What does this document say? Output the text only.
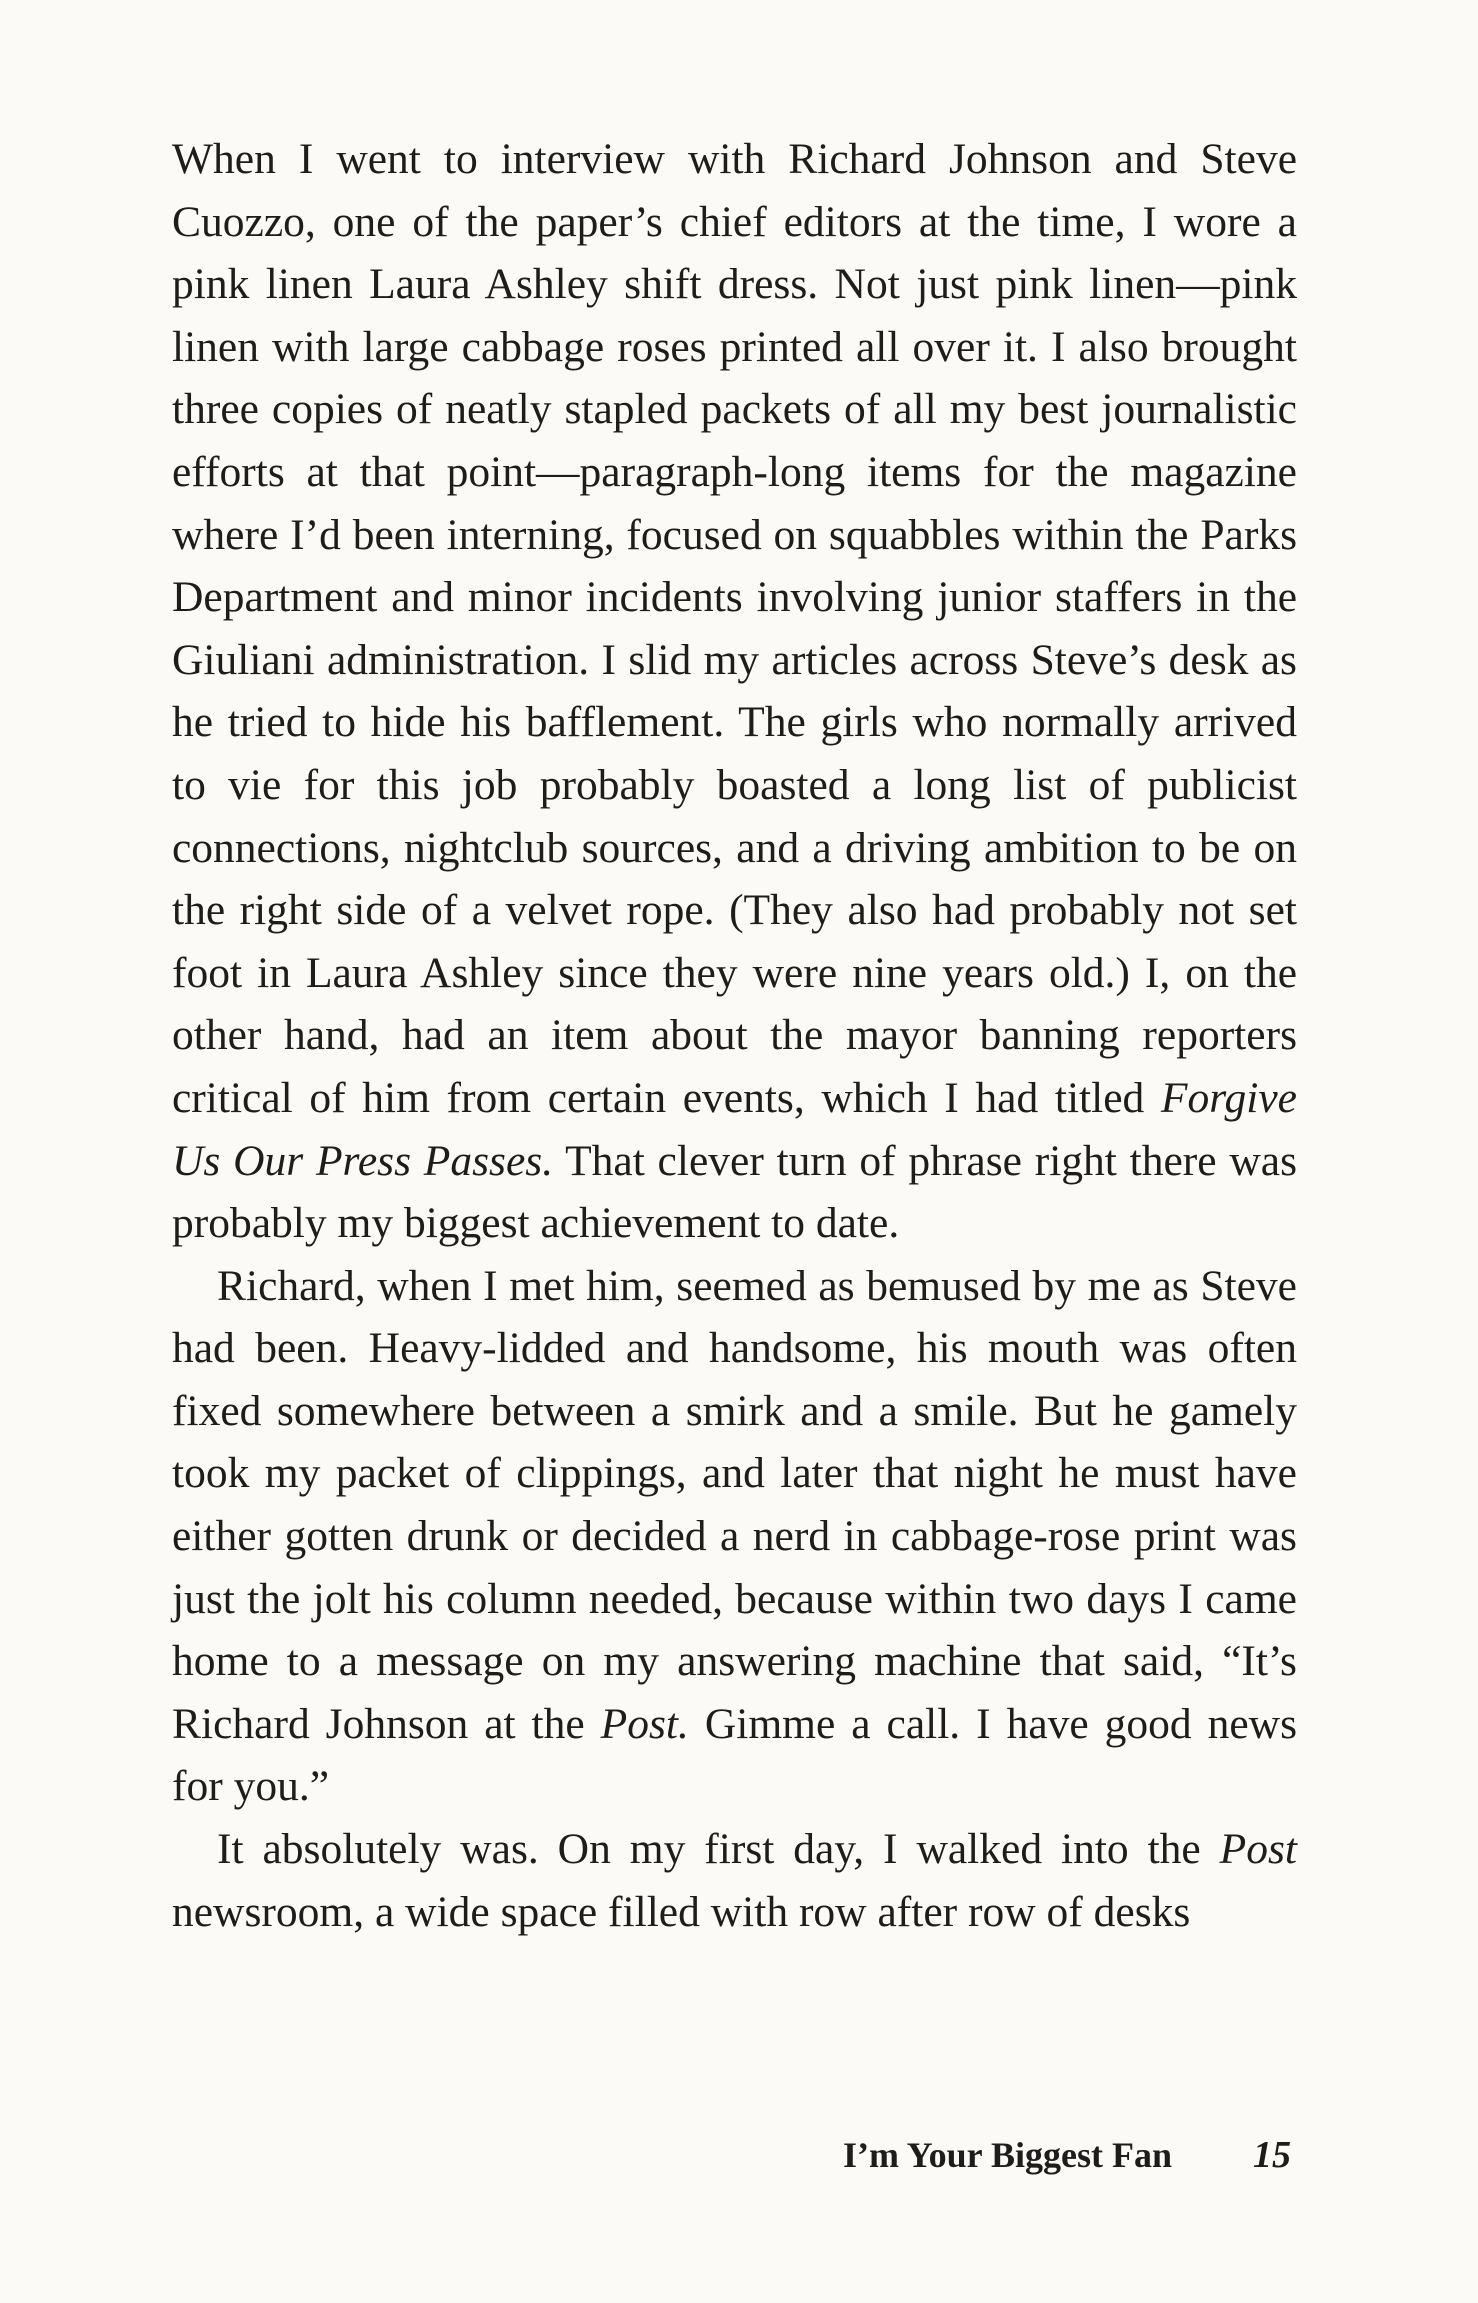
When I went to interview with Richard Johnson and Steve Cuozzo, one of the paper’s chief editors at the time, I wore a pink linen Laura Ashley shift dress. Not just pink linen—pink linen with large cabbage roses printed all over it. I also brought three copies of neatly stapled packets of all my best journalistic efforts at that point—paragraph-long items for the magazine where I’d been interning, focused on squabbles within the Parks Department and minor incidents involving junior staffers in the Giuliani administration. I slid my articles across Steve’s desk as he tried to hide his bafflement. The girls who normally arrived to vie for this job probably boasted a long list of publicist connections, nightclub sources, and a driving ambition to be on the right side of a velvet rope. (They also had probably not set foot in Laura Ashley since they were nine years old.) I, on the other hand, had an item about the mayor banning reporters critical of him from certain events, which I had titled Forgive Us Our Press Passes. That clever turn of phrase right there was probably my biggest achievement to date.

Richard, when I met him, seemed as bemused by me as Steve had been. Heavy-lidded and handsome, his mouth was often fixed somewhere between a smirk and a smile. But he gamely took my packet of clippings, and later that night he must have either gotten drunk or decided a nerd in cabbage-rose print was just the jolt his column needed, because within two days I came home to a message on my answering machine that said, “It’s Richard Johnson at the Post. Gimme a call. I have good news for you.”

It absolutely was. On my first day, I walked into the Post newsroom, a wide space filled with row after row of desks

I’m Your Biggest Fan 15
